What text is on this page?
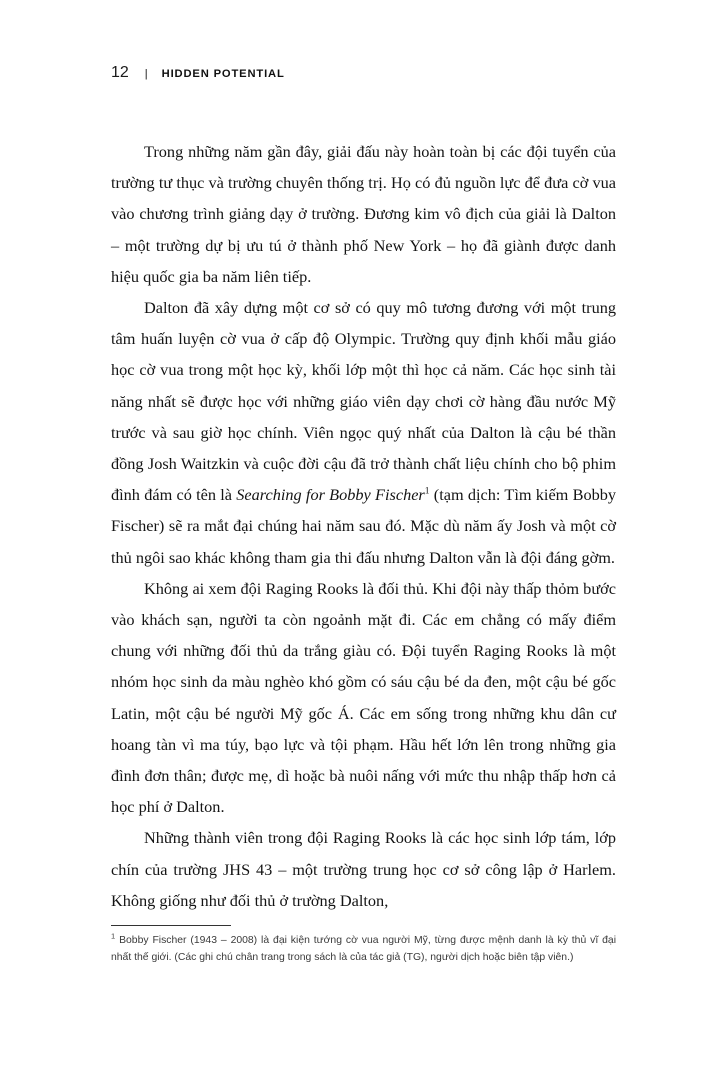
12 | HIDDEN POTENTIAL

Trong những năm gần đây, giải đấu này hoàn toàn bị các đội tuyển của trường tư thục và trường chuyên thống trị. Họ có đủ nguồn lực để đưa cờ vua vào chương trình giảng dạy ở trường. Đương kim vô địch của giải là Dalton – một trường dự bị ưu tú ở thành phố New York – họ đã giành được danh hiệu quốc gia ba năm liên tiếp.

Dalton đã xây dựng một cơ sở có quy mô tương đương với một trung tâm huấn luyện cờ vua ở cấp độ Olympic. Trường quy định khối mẫu giáo học cờ vua trong một học kỳ, khối lớp một thì học cả năm. Các học sinh tài năng nhất sẽ được học với những giáo viên dạy chơi cờ hàng đầu nước Mỹ trước và sau giờ học chính. Viên ngọc quý nhất của Dalton là cậu bé thần đồng Josh Waitzkin và cuộc đời cậu đã trở thành chất liệu chính cho bộ phim đình đám có tên là Searching for Bobby Fischer$^1$ (tạm dịch: Tìm kiếm Bobby Fischer) sẽ ra mắt đại chúng hai năm sau đó. Mặc dù năm ấy Josh và một cờ thủ ngôi sao khác không tham gia thi đấu nhưng Dalton vẫn là đội đáng gờm.

Không ai xem đội Raging Rooks là đối thủ. Khi đội này thấp thỏm bước vào khách sạn, người ta còn ngoảnh mặt đi. Các em chẳng có mấy điểm chung với những đối thủ da trắng giàu có. Đội tuyển Raging Rooks là một nhóm học sinh da màu nghèo khó gồm có sáu cậu bé da đen, một cậu bé gốc Latin, một cậu bé người Mỹ gốc Á. Các em sống trong những khu dân cư hoang tàn vì ma túy, bạo lực và tội phạm. Hầu hết lớn lên trong những gia đình đơn thân; được mẹ, dì hoặc bà nuôi nấng với mức thu nhập thấp hơn cả học phí ở Dalton.

Những thành viên trong đội Raging Rooks là các học sinh lớp tám, lớp chín của trường JHS 43 – một trường trung học cơ sở công lập ở Harlem. Không giống như đối thủ ở trường Dalton,

$^1$ Bobby Fischer (1943 – 2008) là đại kiện tướng cờ vua người Mỹ, từng được mệnh danh là kỳ thủ vĩ đại nhất thế giới. (Các ghi chú chân trang trong sách là của tác giả (TG), người dịch hoặc biên tập viên.)
